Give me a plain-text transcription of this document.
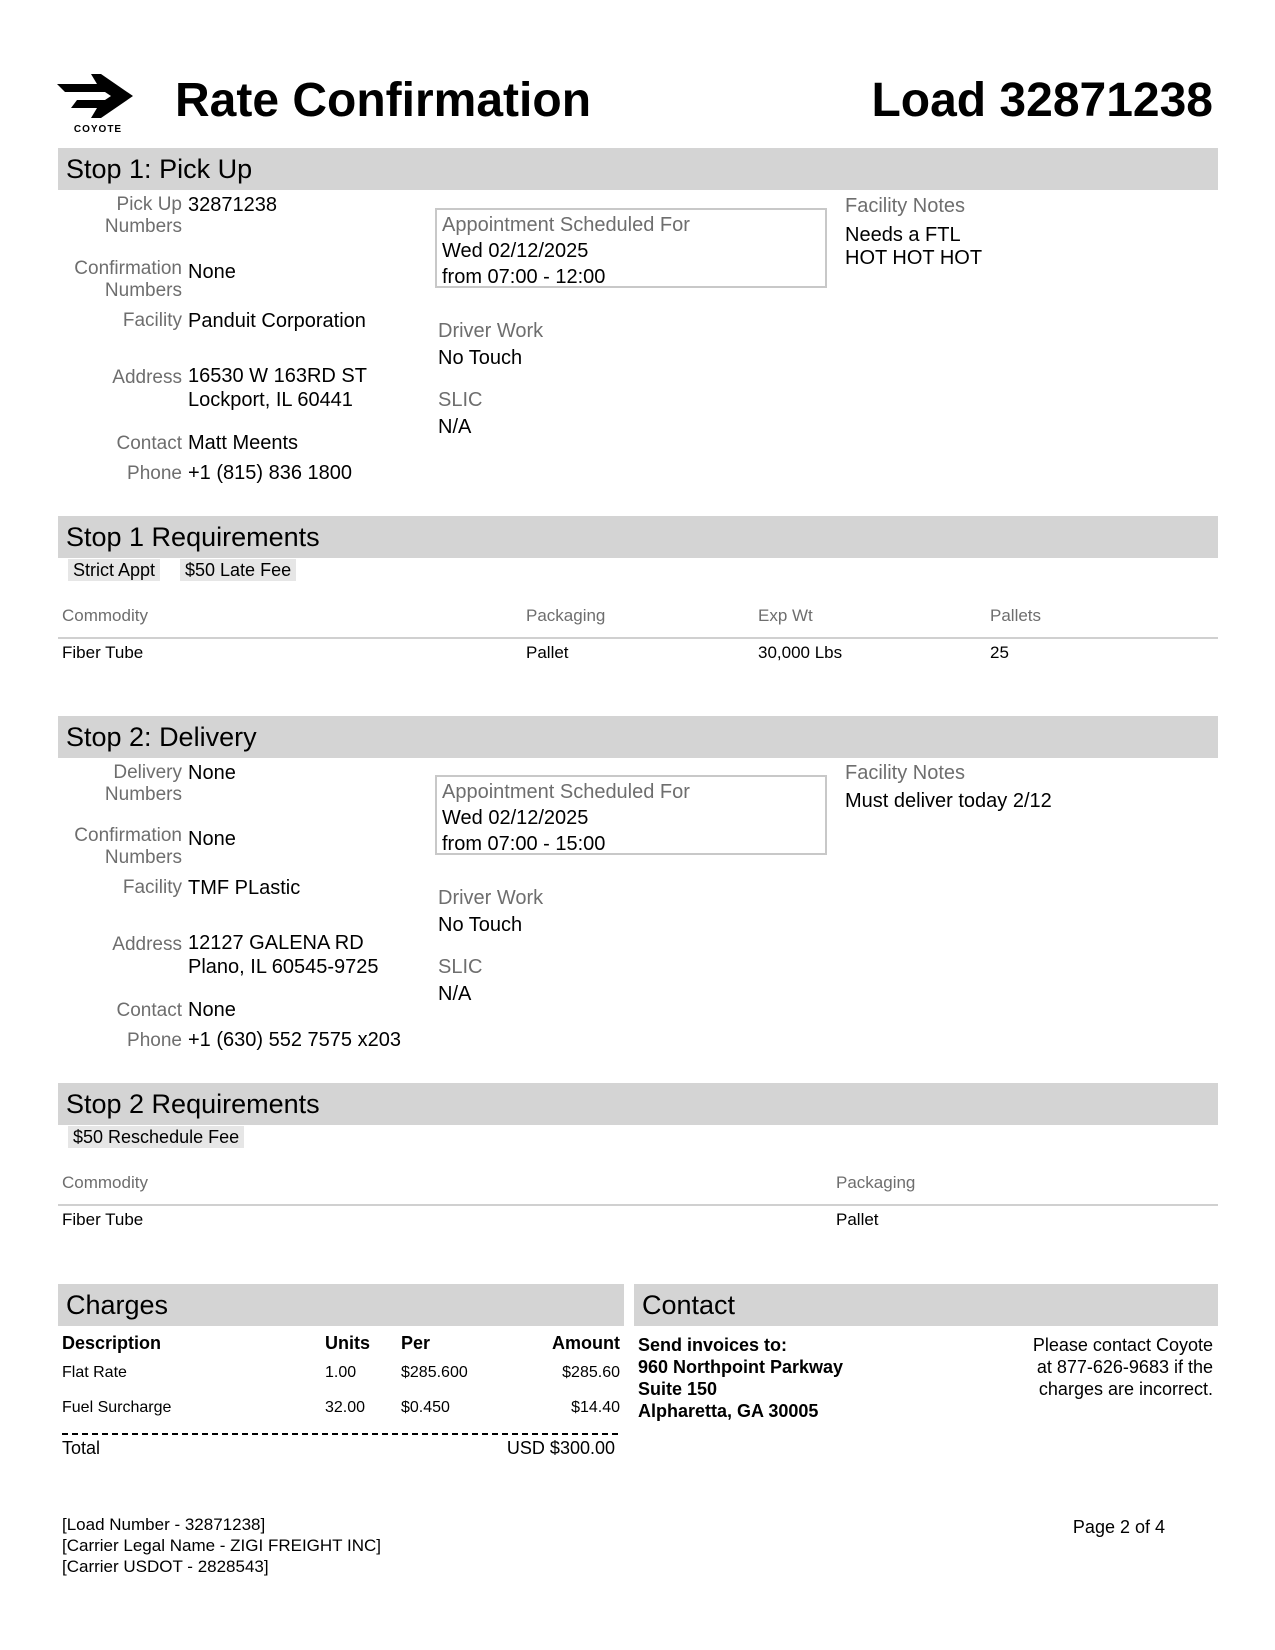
COYOTE
Rate Confirmation	Load 32871238
Stop 1: Pick Up
Pick Up
Numbers
32871238
Confirmation
Numbers
None
Facility Panduit Corporation
Address 16530 W 163RD ST
Lockport, IL 60441
Contact Matt Meents
Phone +1 (815) 836 1800
Appointment Scheduled For
Wed 02/12/2025
from 07:00 - 12:00
Driver Work
No Touch
SLIC
N/A
Facility Notes
Needs a FTL
HOT HOT HOT
Stop 1 Requirements
Strict Appt $50 Late Fee
Commodity	Packaging	Exp Wt	Pallets
Fiber Tube	Pallet	30,000 Lbs	25
Stop 2: Delivery
Delivery
Numbers
None
Confirmation
Numbers
None
Facility TMF PLastic
Address 12127 GALENA RD
Plano, IL 60545-9725
Contact None
Phone +1 (630) 552 7575 x203
Appointment Scheduled For
Wed 02/12/2025
from 07:00 - 15:00
Driver Work
No Touch
SLIC
N/A
Facility Notes
Must deliver today 2/12
Stop 2 Requirements
$50 Reschedule Fee
Commodity	Packaging
Fiber Tube	Pallet
Charges
Description	Units Per	Amount
Flat Rate	1.00	$285.600	$285.60
Fuel Surcharge	32.00 $0.450	$14.40
Total	USD $300.00
Contact
Send invoices to:
960 Northpoint Parkway
Suite 150
Alpharetta, GA 30005
Please contact Coyote
at 877-626-9683 if the
charges are incorrect.
[Load Number - 32871238]
[Carrier Legal Name - ZIGI FREIGHT INC]
[Carrier USDOT - 2828543]
Page 2 of 4
